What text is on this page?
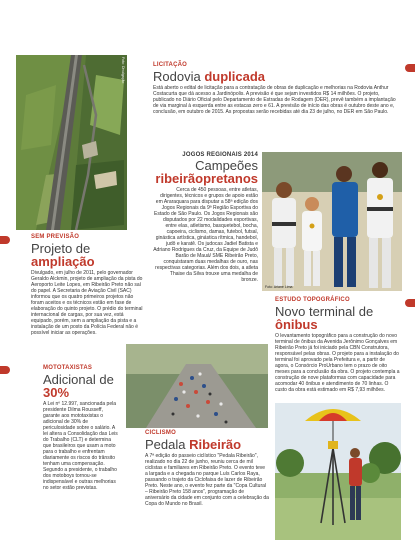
Foto: Divulgação	LICITAÇÃO
Rodovia duplicada
Está aberto o edital de licitação para a contratação de obras de duplicação e melhorias na Rodovia Anthur Costacurta que dá acesso a Jardinópolis. A previsão é que sejam investidos R$ 14 milhões. O projeto, publicado no Diário Oficial pelo Departamento de Estradas de Rodagem (DER), prevê também a implantação de via marginal à esquerda entre as estacas zero e 61. A previsão de início das obras é outubro deste ano e, conclusão, em outubro de 2015. As propostas serão recebidas até dia 23 de julho, no DER em São Paulo.
JOGOS REGIONAIS 2014
Campeões
ribeirãopretanos
Cerca de 450 pessoas, entre atletas, dirigentes, técnicos e grupos de apoio estão em Araraquara para disputar a 58ª edição dos Jogos Regionais da 9ª Região Esportiva do Estado de São Paulo. Os Jogos Regionais são disputados por 22 modalidades esportivas, entre elas, atletismo, basquetebol, bocha, capoeira, ciclismo, damas, futebol, futsal, ginástica artística, ginástica rítmica, handebol, judô e karatê. Os judocas Jadiel Batista e Adriano Rodrigues da Cruz, da Equipe de Judô Barão de Mauá/ SME Ribeirão Preto, conquistaram duas medalhas de ouro, nas respectivas categorias. Além dos dois, a atleta Thaise da Silva trouxe uma medalha de bronze.
Foto: Ariane Lima
SEM PREVISÃO
Projeto de ampliação
Divulgado, em julho de 2011, pelo governador Geraldo Alckmin, projeto de ampliação da pista do Aeroporto Leite Lopes, em Ribeirão Preto não saí do papel. A Secretaria de Aviação Civil (SAC) informou que os quatro primeiros projetos não foram aceitos e os técnicos estão em fase de elaboração do quinto projeto. O prédio do terminal internacional de cargas, por sua vez, está equipado, porém, sem a ampliação da pista e a instalação de um posto da Polícia Federal não é possível iniciar as operações.
ESTUDO TOPOGRÁFICO
Novo terminal de ônibus
O levantamento topográfico para a construção do novo terminal de ônibus da Avenida Jerônimo Gonçalves em Ribeirão Preto já foi iniciado pela CBN Construtora, responsável pelas obras. O projeto para a instalação do terminal foi aprovado pela Prefeitura e, a partir de agora, o Consórcio ProUrbano tem o prazo de oito meses para a conclusão da obra. O projeto contempla a construção de nove plataformas com capacidade para acomodar 40 ônibus e atendimento de 70 linhas. O custo da obra está estimado em R$ 7,93 milhões.
MOTOTAXISTAS
Adicional de 30%
A Lei nº 12.997, sancionada pela presidente Dilma Rousseff, garante aos mototaxistas o adicional de 30% de periculosidade sobre o salário. A lei altera a Consolidação das Leis do Trabalho (CLT) e determina que brasileiros que usam a moto para o trabalho e enfrentam diariamente os riscos do trânsito tenham uma compensação. Segundo a presidente, o trabalho dos motoboys tornou-se indispensável e outras melhorias no setor estão previstas.
CICLISMO
Pedala Ribeirão
A 7ª edição do passeio ciclístico "Pedala Ribeirão", realizado no dia 22 de junho, reuniu cerca de mil ciclistas e familiares em Ribeirão Preto. O evento teve a largada e a chegada no parque Luís Carlos Raya, passando o trajeto da Ciclofaixa de lazer de Ribeirão Preto. Neste ano, o evento fez parte da "Copa Cultural – Ribeirão Preto 158 anos", programação de aniversário da cidade em conjunto com a celebração da Copa do Mundo no Brasil.
